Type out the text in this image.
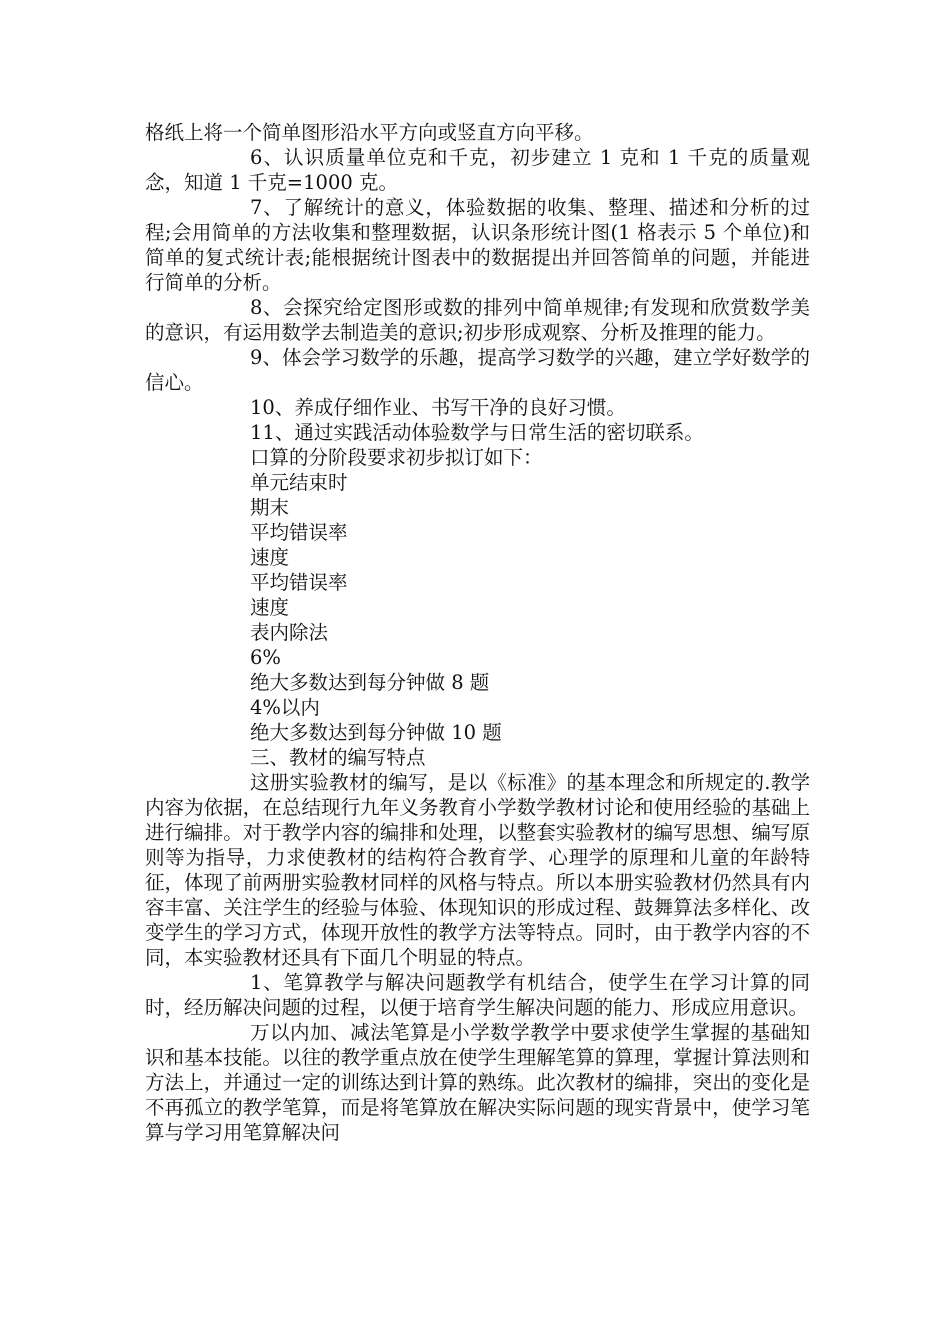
格纸上将一个简单图形沿水平方向或竖直方向平移。

6、认识质量单位克和千克，初步建立 1 克和 1 千克的质量观念，知道 1 千克=1000 克。

7、了解统计的意义，体验数据的收集、整理、描述和分析的过程;会用简单的方法收集和整理数据，认识条形统计图(1 格表示 5 个单位)和简单的复式统计表;能根据统计图表中的数据提出并回答简单的问题，并能进行简单的分析。

8、会探究给定图形或数的排列中简单规律;有发现和欣赏数学美的意识，有运用数学去制造美的意识;初步形成观察、分析及推理的能力。

9、体会学习数学的乐趣，提高学习数学的兴趣，建立学好数学的信心。

10、养成仔细作业、书写干净的良好习惯。

11、通过实践活动体验数学与日常生活的密切联系。

口算的分阶段要求初步拟订如下：

单元结束时

期末

平均错误率

速度

平均错误率

速度

表内除法

6%

绝大多数达到每分钟做 8 题

4%以内

绝大多数达到每分钟做 10 题

三、教材的编写特点

这册实验教材的编写，是以《标准》的基本理念和所规定的.教学内容为依据，在总结现行九年义务教育小学数学教材讨论和使用经验的基础上进行编排。对于教学内容的编排和处理，以整套实验教材的编写思想、编写原则等为指导，力求使教材的结构符合教育学、心理学的原理和儿童的年龄特征，体现了前两册实验教材同样的风格与特点。所以本册实验教材仍然具有内容丰富、关注学生的经验与体验、体现知识的形成过程、鼓舞算法多样化、改变学生的学习方式，体现开放性的教学方法等特点。同时，由于教学内容的不同，本实验教材还具有下面几个明显的特点。

1、笔算教学与解决问题教学有机结合，使学生在学习计算的同时，经历解决问题的过程，以便于培育学生解决问题的能力、形成应用意识。

万以内加、减法笔算是小学数学教学中要求使学生掌握的基础知识和基本技能。以往的教学重点放在使学生理解笔算的算理，掌握计算法则和方法上，并通过一定的训练达到计算的熟练。此次教材的编排，突出的变化是不再孤立的教学笔算，而是将笔算放在解决实际问题的现实背景中，使学习笔算与学习用笔算解决问
